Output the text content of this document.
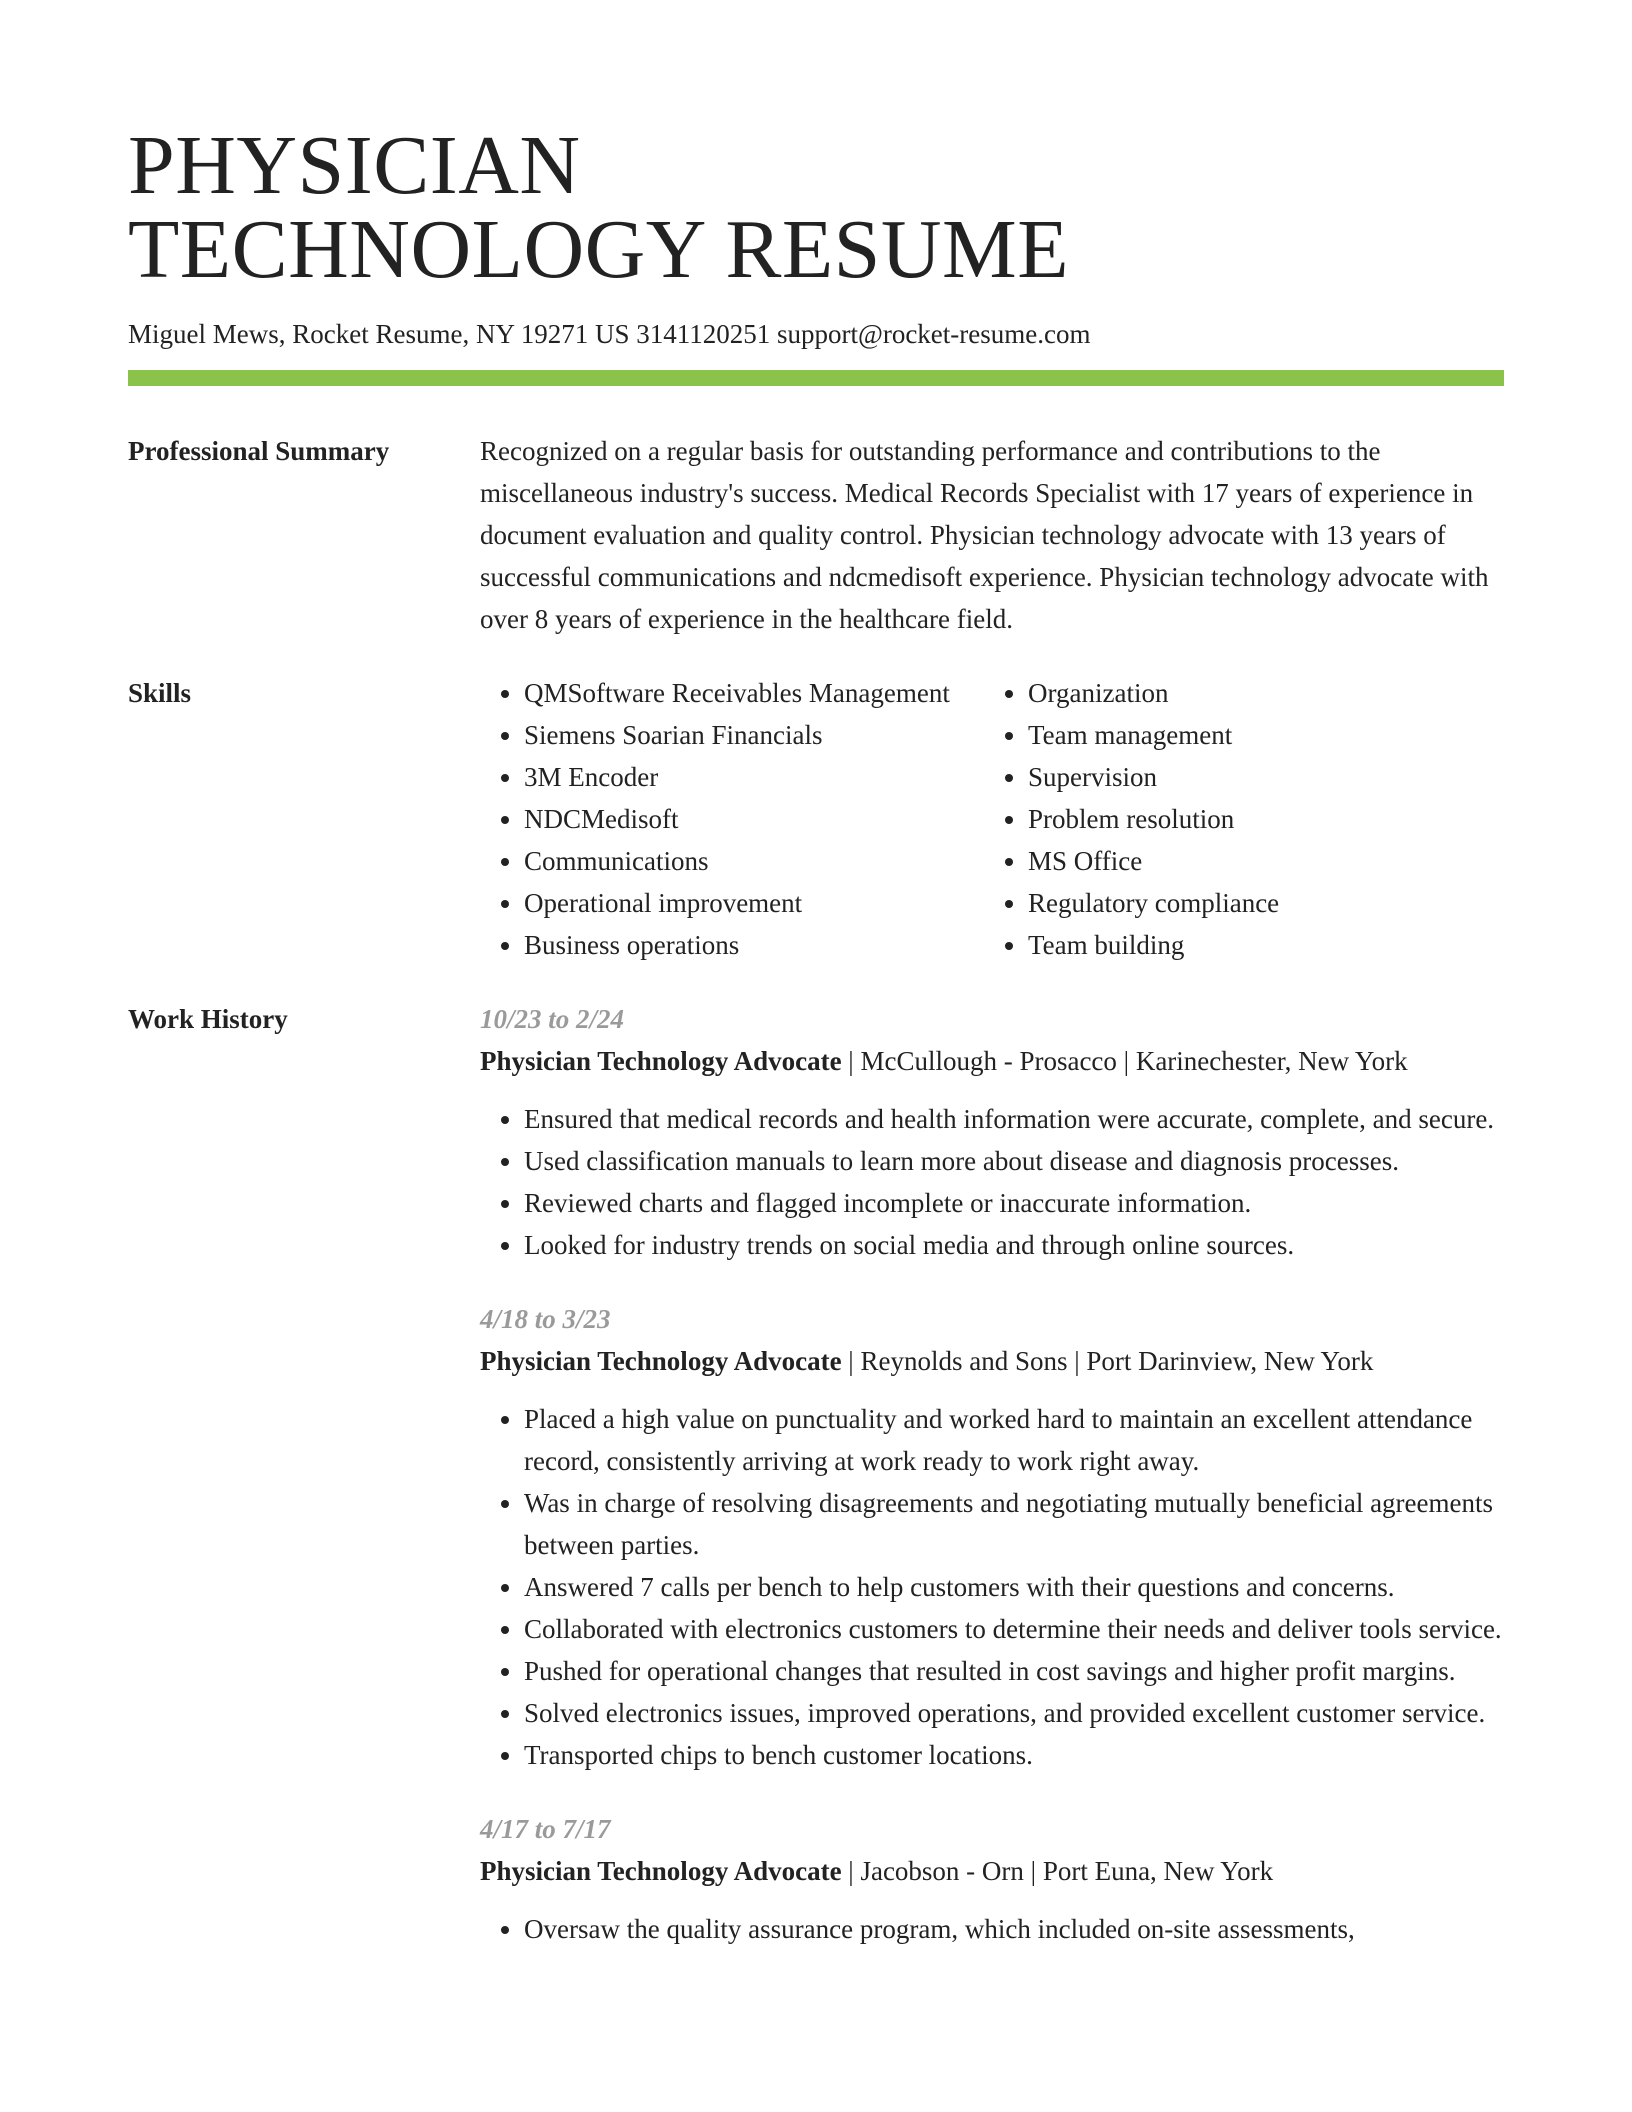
PHYSICIAN
TECHNOLOGY RESUME
Miguel Mews, Rocket Resume, NY 19271 US 3141120251 support@rocket-resume.com
Professional Summary	Recognized on a regular basis for outstanding performance and contributions to the miscellaneous industry's success. Medical Records Specialist with 17 years of experience in document evaluation and quality control. Physician technology advocate with 13 years of successful communications and ndcmedisoft experience. Physician technology advocate with over 8 years of experience in the healthcare field.

Skills
•	QMSoftware Receivables Management
• Siemens Soarian Financials
• 3M Encoder
• NDCMedisoft
• Communications
• Operational improvement
• Business operations
• Organization
• Team management
• Supervision
• Problem resolution
• MS Office
• Regulatory compliance
• Team building
Work History	10/23 to 2/24
Physician Technology Advocate | McCullough - Prosacco | Karinechester, New York
• Ensured that medical records and health information were accurate, complete, and secure.
• Used classification manuals to learn more about disease and diagnosis processes.
• Reviewed charts and flagged incomplete or inaccurate information.
• Looked for industry trends on social media and through online sources.
4/18 to 3/23
Physician Technology Advocate | Reynolds and Sons | Port Darinview, New York
• Placed a high value on punctuality and worked hard to maintain an excellent attendance record, consistently arriving at work ready to work right away.
• Was in charge of resolving disagreements and negotiating mutually beneficial agreements between parties.
• Answered 7 calls per bench to help customers with their questions and concerns.
• Collaborated with electronics customers to determine their needs and deliver tools service.
• Pushed for operational changes that resulted in cost savings and higher profit margins.
• Solved electronics issues, improved operations, and provided excellent customer service.
• Transported chips to bench customer locations.
4/17 to 7/17
Physician Technology Advocate | Jacobson - Orn | Port Euna, New York
• Oversaw the quality assurance program, which included on-site assessments,
